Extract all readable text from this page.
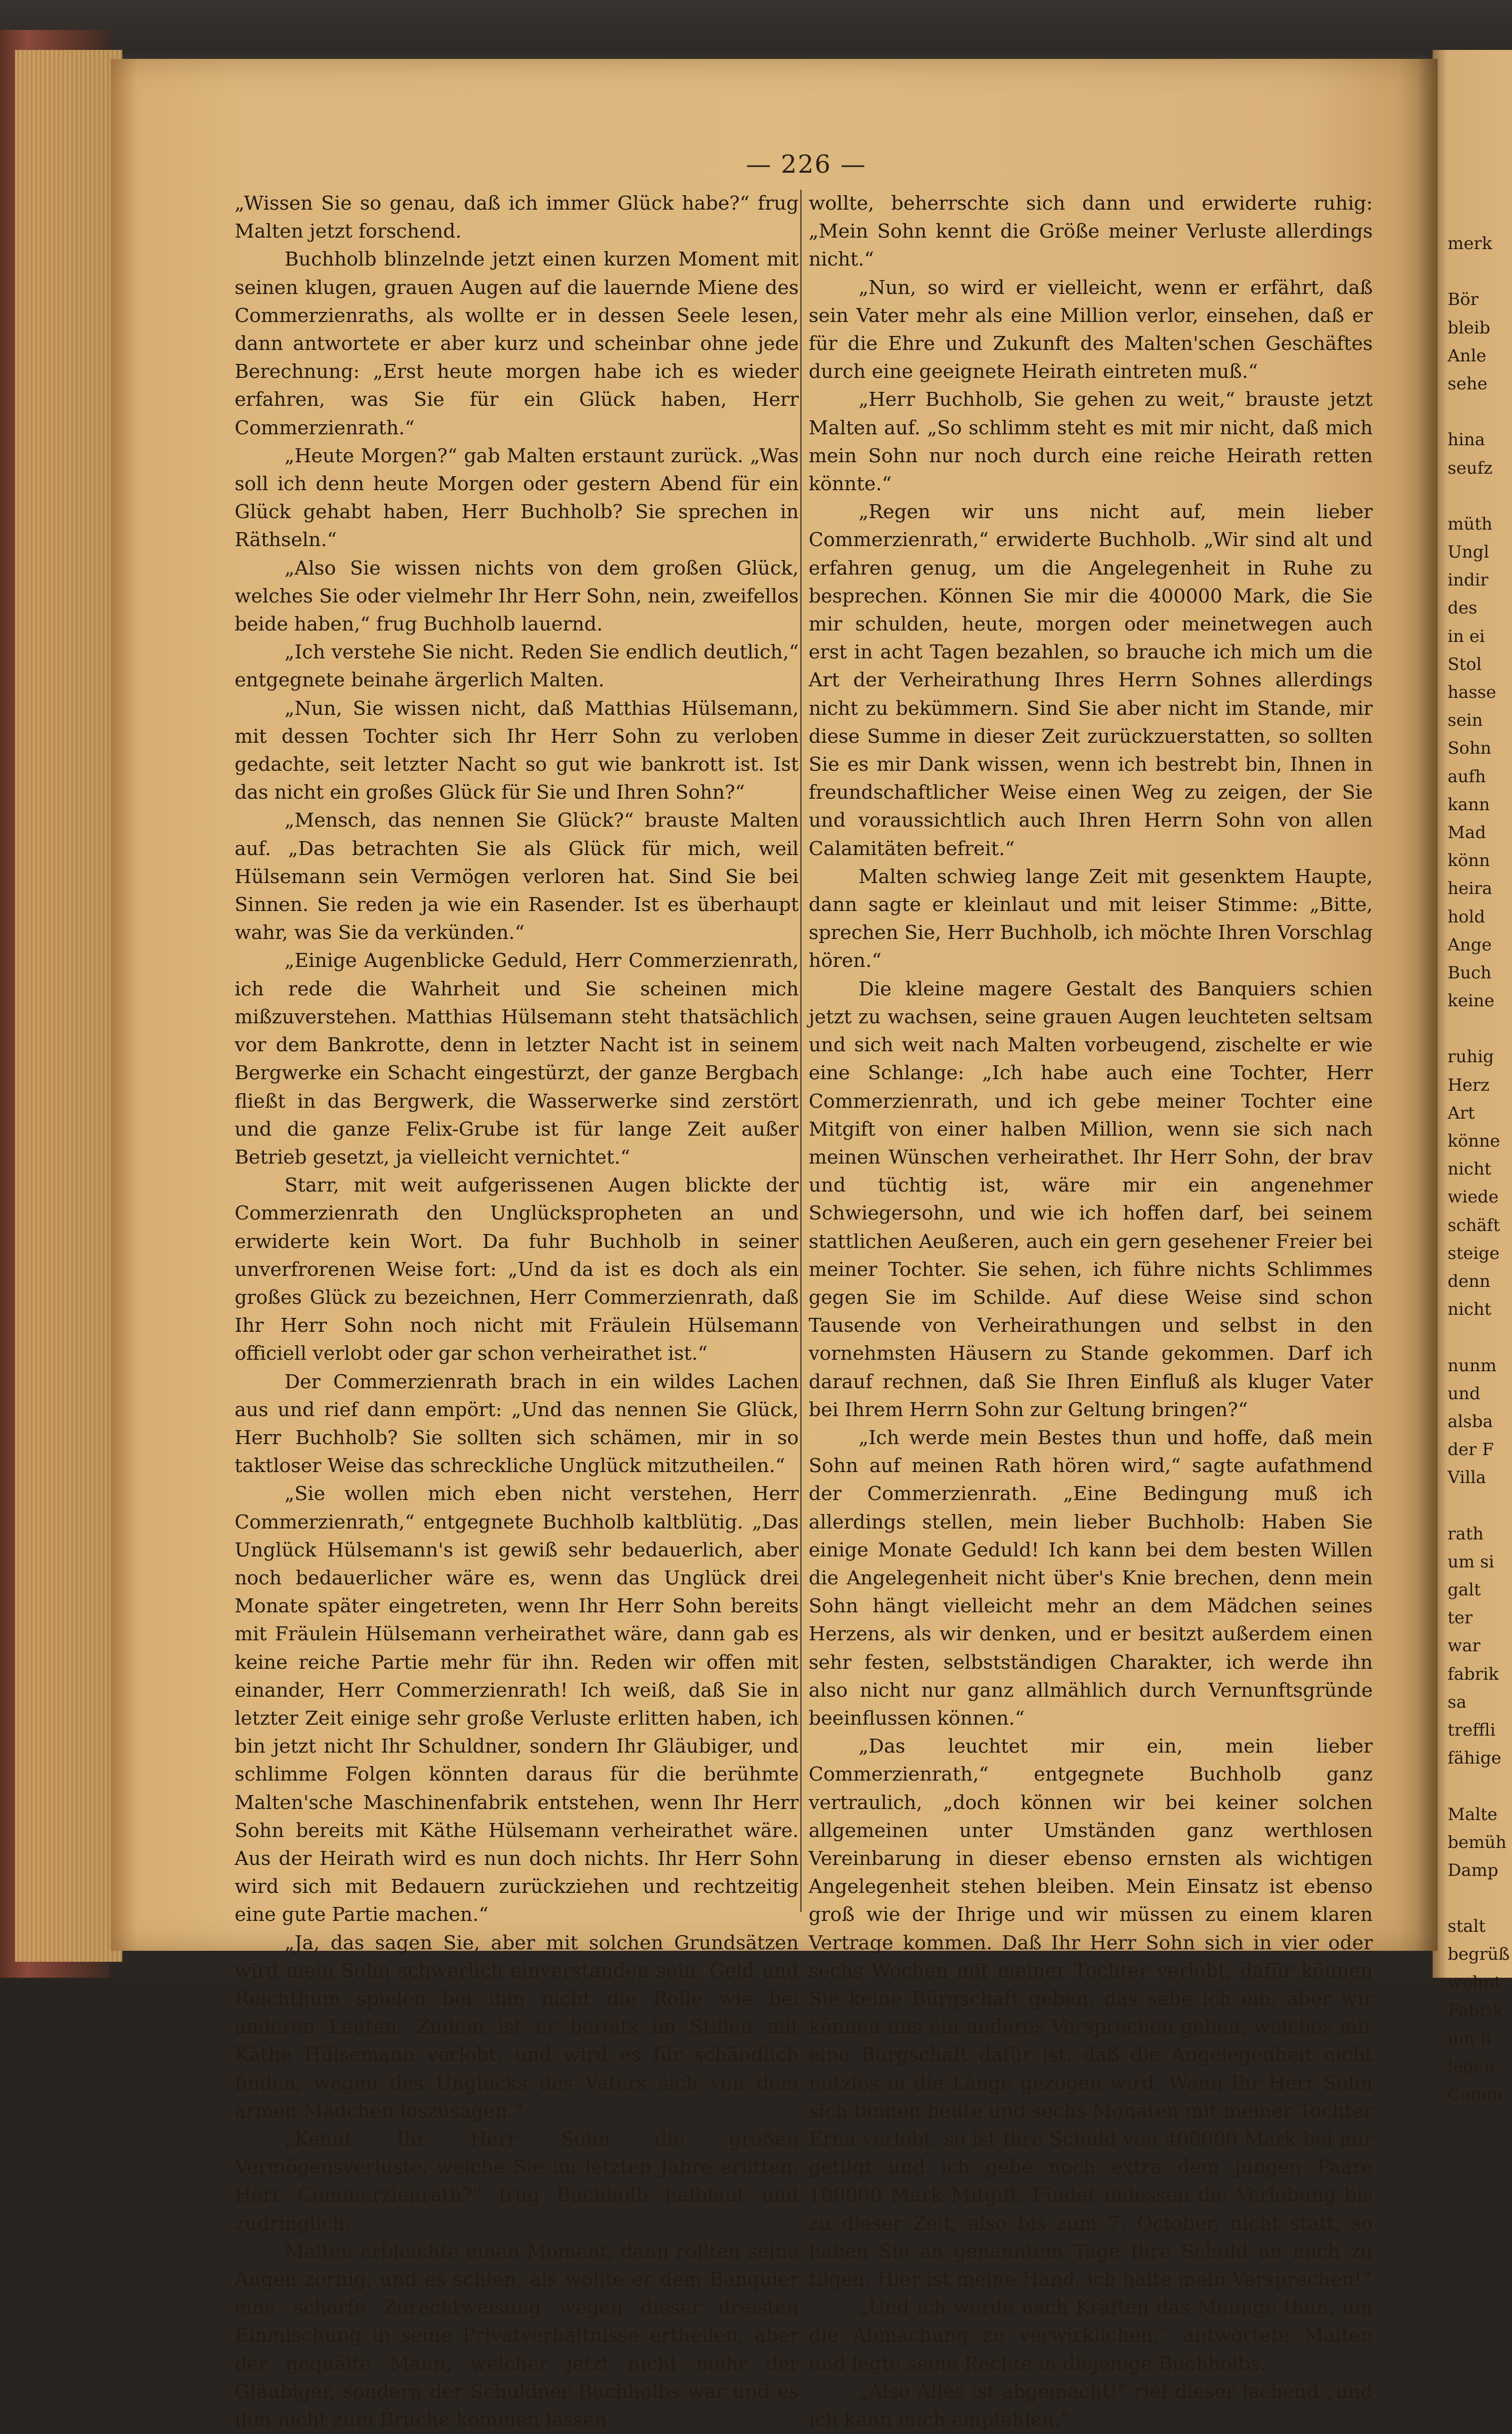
— 226 —

„Wissen Sie so genau, daß ich immer Glück habe?“ frug Malten jetzt forschend.

Buchholb blinzelnde jetzt einen kurzen Moment mit seinen klugen, grauen Augen auf die lauernde Miene des Commerzienraths, als wollte er in dessen Seele lesen, dann antwortete er aber kurz und scheinbar ohne jede Berechnung: „Erst heute morgen habe ich es wieder erfahren, was Sie für ein Glück haben, Herr Commerzienrath.“

„Heute Morgen?“ gab Malten erstaunt zurück. „Was soll ich denn heute Morgen oder gestern Abend für ein Glück gehabt haben, Herr Buchholb? Sie sprechen in Räthseln.“

„Also Sie wissen nichts von dem großen Glück, welches Sie oder vielmehr Ihr Herr Sohn, nein, zweifellos beide haben,“ frug Buchholb lauernd.

„Ich verstehe Sie nicht. Reden Sie endlich deutlich,“ entgegnete beinahe ärgerlich Malten.

„Nun, Sie wissen nicht, daß Matthias Hülsemann, mit dessen Tochter sich Ihr Herr Sohn zu verloben gedachte, seit letzter Nacht so gut wie bankrott ist. Ist das nicht ein großes Glück für Sie und Ihren Sohn?“

„Mensch, das nennen Sie Glück?“ brauste Malten auf. „Das betrachten Sie als Glück für mich, weil Hülsemann sein Vermögen verloren hat. Sind Sie bei Sinnen. Sie reden ja wie ein Rasender. Ist es überhaupt wahr, was Sie da verkünden.“

„Einige Augenblicke Geduld, Herr Commerzienrath, ich rede die Wahrheit und Sie scheinen mich mißzuverstehen. Matthias Hülsemann steht thatsächlich vor dem Bankrotte, denn in letzter Nacht ist in seinem Bergwerke ein Schacht eingestürzt, der ganze Bergbach fließt in das Bergwerk, die Wasserwerke sind zerstört und die ganze Felix-Grube ist für lange Zeit außer Betrieb gesetzt, ja vielleicht vernichtet.“

Starr, mit weit aufgerissenen Augen blickte der Commerzienrath den Unglückspropheten an und erwiderte kein Wort. Da fuhr Buchholb in seiner unverfrorenen Weise fort: „Und da ist es doch als ein großes Glück zu bezeichnen, Herr Commerzienrath, daß Ihr Herr Sohn noch nicht mit Fräulein Hülsemann officiell verlobt oder gar schon verheirathet ist.“

Der Commerzienrath brach in ein wildes Lachen aus und rief dann empört: „Und das nennen Sie Glück, Herr Buchholb? Sie sollten sich schämen, mir in so taktloser Weise das schreckliche Unglück mitzutheilen.“

„Sie wollen mich eben nicht verstehen, Herr Commerzienrath,“ entgegnete Buchholb kaltblütig. „Das Unglück Hülsemann's ist gewiß sehr bedauerlich, aber noch bedauerlicher wäre es, wenn das Unglück drei Monate später eingetreten, wenn Ihr Herr Sohn bereits mit Fräulein Hülsemann verheirathet wäre, dann gab es keine reiche Partie mehr für ihn. Reden wir offen mit einander, Herr Commerzienrath! Ich weiß, daß Sie in letzter Zeit einige sehr große Verluste erlitten haben, ich bin jetzt nicht Ihr Schuldner, sondern Ihr Gläubiger, und schlimme Folgen könnten daraus für die berühmte Malten'sche Maschinenfabrik entstehen, wenn Ihr Herr Sohn bereits mit Käthe Hülsemann verheirathet wäre. Aus der Heirath wird es nun doch nichts. Ihr Herr Sohn wird sich mit Bedauern zurückziehen und rechtzeitig eine gute Partie machen.“

„Ja, das sagen Sie, aber mit solchen Grundsätzen wird mein Sohn schwerlich einverstanden sein, Geld und Reichthum spielen bei ihm nicht die Rolle wie bei anderen Leuten. Zudem ist er bereits im Stillen mit Käthe Hülsemann verlobt, und wird es für schändlich finden, wegen des Unglücks des Vaters sich von dem armen Mädchen loszusagen.“

„Kennt Ihr Herr Sohn die großen Vermögensverluste, welche Sie im letzten Jahre erlitten, Herr Commerzienrath?“ frug Buchholb halblaut und zudringlich.

Malten erbleichte einen Moment, dann rollten seine Augen zornig, und es schien, als wollte er dem Banquier eine scharfe Zurechtweisung wegen dieser dreisten Einmischung in seine Privatverhältnisse ertheilen, aber der gequälte Mann, welcher jetzt nicht mehr der Gläubiger, sondern der Schuldner Buchholbs war und es ihm nicht zum Bruche kommen lassen

wollte, beherrschte sich dann und erwiderte ruhig: „Mein Sohn kennt die Größe meiner Verluste allerdings nicht.“

„Nun, so wird er vielleicht, wenn er erfährt, daß sein Vater mehr als eine Million verlor, einsehen, daß er für die Ehre und Zukunft des Malten'schen Geschäftes durch eine geeignete Heirath eintreten muß.“

„Herr Buchholb, Sie gehen zu weit,“ brauste jetzt Malten auf. „So schlimm steht es mit mir nicht, daß mich mein Sohn nur noch durch eine reiche Heirath retten könnte.“

„Regen wir uns nicht auf, mein lieber Commerzienrath,“ erwiderte Buchholb. „Wir sind alt und erfahren genug, um die Angelegenheit in Ruhe zu besprechen. Können Sie mir die 400000 Mark, die Sie mir schulden, heute, morgen oder meinetwegen auch erst in acht Tagen bezahlen, so brauche ich mich um die Art der Verheirathung Ihres Herrn Sohnes allerdings nicht zu bekümmern. Sind Sie aber nicht im Stande, mir diese Summe in dieser Zeit zurückzuerstatten, so sollten Sie es mir Dank wissen, wenn ich bestrebt bin, Ihnen in freundschaftlicher Weise einen Weg zu zeigen, der Sie und voraussichtlich auch Ihren Herrn Sohn von allen Calamitäten befreit.“

Malten schwieg lange Zeit mit gesenktem Haupte, dann sagte er kleinlaut und mit leiser Stimme: „Bitte, sprechen Sie, Herr Buchholb, ich möchte Ihren Vorschlag hören.“

Die kleine magere Gestalt des Banquiers schien jetzt zu wachsen, seine grauen Augen leuchteten seltsam und sich weit nach Malten vorbeugend, zischelte er wie eine Schlange: „Ich habe auch eine Tochter, Herr Commerzienrath, und ich gebe meiner Tochter eine Mitgift von einer halben Million, wenn sie sich nach meinen Wünschen verheirathet. Ihr Herr Sohn, der brav und tüchtig ist, wäre mir ein angenehmer Schwiegersohn, und wie ich hoffen darf, bei seinem stattlichen Aeußeren, auch ein gern gesehener Freier bei meiner Tochter. Sie sehen, ich führe nichts Schlimmes gegen Sie im Schilde. Auf diese Weise sind schon Tausende von Verheirathungen und selbst in den vornehmsten Häusern zu Stande gekommen. Darf ich darauf rechnen, daß Sie Ihren Einfluß als kluger Vater bei Ihrem Herrn Sohn zur Geltung bringen?“

„Ich werde mein Bestes thun und hoffe, daß mein Sohn auf meinen Rath hören wird,“ sagte aufathmend der Commerzienrath. „Eine Bedingung muß ich allerdings stellen, mein lieber Buchholb: Haben Sie einige Monate Geduld! Ich kann bei dem besten Willen die Angelegenheit nicht über's Knie brechen, denn mein Sohn hängt vielleicht mehr an dem Mädchen seines Herzens, als wir denken, und er besitzt außerdem einen sehr festen, selbstständigen Charakter, ich werde ihn also nicht nur ganz allmählich durch Vernunftsgründe beeinflussen können.“

„Das leuchtet mir ein, mein lieber Commerzienrath,“ entgegnete Buchholb ganz vertraulich, „doch können wir bei keiner solchen allgemeinen unter Umständen ganz werthlosen Vereinbarung in dieser ebenso ernsten als wichtigen Angelegenheit stehen bleiben. Mein Einsatz ist ebenso groß wie der Ihrige und wir müssen zu einem klaren Vertrage kommen. Daß Ihr Herr Sohn sich in vier oder sechs Wochen mit meiner Tochter verlobt, dafür können Sie keine Bürgschaft geben, das sehe ich ein, aber wir können uns ein anderes Versprechen geben, welches mir eine Bürgschaft dafür ist, daß die Angelegenheit nicht nutzlos in die Länge gezogen wird. Wenn Ihr Herr Sohn sich binnen heute und sechs Monaten mit meiner Tochter Erna verlobt, so ist Ihre Schuld von 400000 Mark bei mir getilgt und ich gebe noch extra dem jungen Paare 100000 Mark Mitgift. Findet indessen die Verlobung bis zu dieser Zeit, also bis zum 7. October, nicht statt, so haben Sie an genanntem Tage Ihre Schuld an mich zu tilgen. Hier ist meine Hand, ich halte mein Versprechen!“

„Und ich werde nach Kräften das Meinige thun, um die Abmachung zu verwirklichen,“ antwortete Malten und legte seine Rechte in diejenige Buchholbs.

„Also Alles ist abgemacht!“ rief dieser lachend „und ich kann mich empfehlen.“

merk
Bör
bleib
Anle
sehe
hina
seufz
müth
Ungl
indir
des
in ei
Stol
hasse
sein
Sohn
aufh
kann
Mad
könn
heira
hold
Ange
Buch
keine
ruhig
Herz
Art
könne
nicht
wiede
schäft
steige
denn
nicht
nunm
und
alsba
der F
Villa
rath
um si
galt
ter
war
fabrik
sa
treffli
fähige
Malte
bemüh
Damp
stalt
begrüß
wohnt
Fabrik
um fi
legen
Comm
